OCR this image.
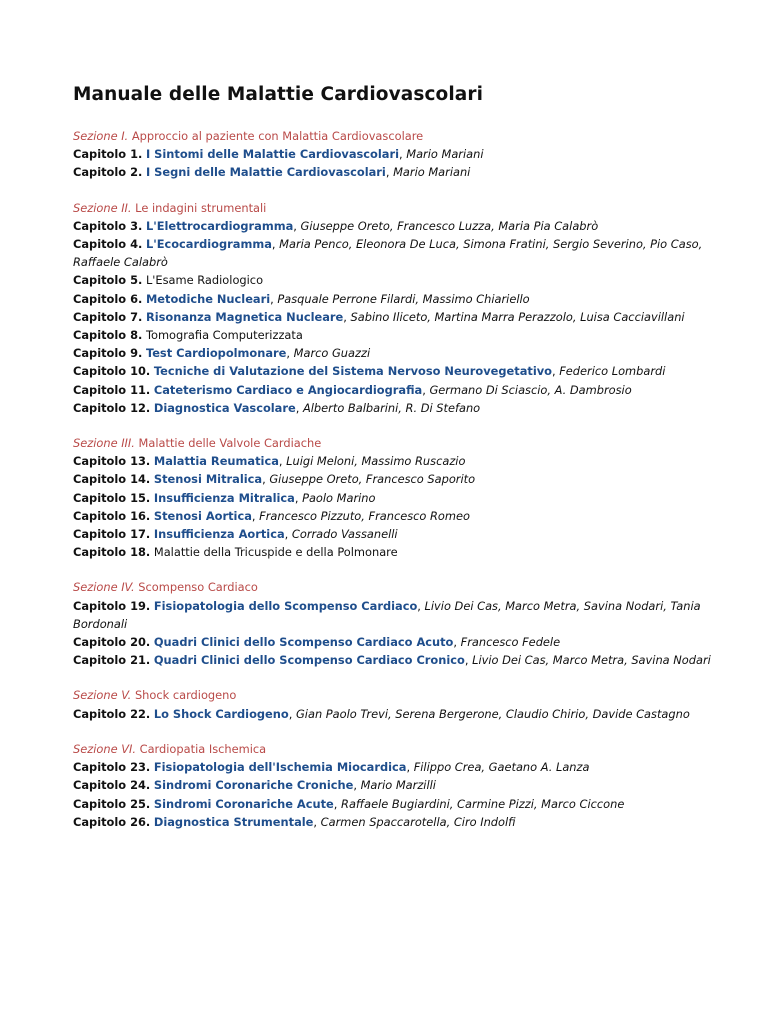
Manuale delle Malattie Cardiovascolari
Sezione I. Approccio al paziente con Malattia Cardiovascolare
Capitolo 1. I Sintomi delle Malattie Cardiovascolari, Mario Mariani
Capitolo 2. I Segni delle Malattie Cardiovascolari, Mario Mariani
Sezione II. Le indagini strumentali
Capitolo 3. L'Elettrocardiogramma, Giuseppe Oreto, Francesco Luzza, Maria Pia Calabrò
Capitolo 4. L'Ecocardiogramma, Maria Penco, Eleonora De Luca, Simona Fratini, Sergio Severino, Pio Caso, Raffaele Calabrò
Capitolo 5. L'Esame Radiologico
Capitolo 6. Metodiche Nucleari, Pasquale Perrone Filardi, Massimo Chiariello
Capitolo 7. Risonanza Magnetica Nucleare, Sabino Iliceto, Martina Marra Perazzolo, Luisa Cacciavillani
Capitolo 8. Tomografia Computerizzata
Capitolo 9. Test Cardiopolmonare, Marco Guazzi
Capitolo 10. Tecniche di Valutazione del Sistema Nervoso Neurovegetativo, Federico Lombardi
Capitolo 11. Cateterismo Cardiaco e Angiocardiografia, Germano Di Sciascio, A. Dambrosio
Capitolo 12. Diagnostica Vascolare, Alberto Balbarini, R. Di Stefano
Sezione III. Malattie delle Valvole Cardiache
Capitolo 13. Malattia Reumatica, Luigi Meloni, Massimo Ruscazio
Capitolo 14. Stenosi Mitralica, Giuseppe Oreto, Francesco Saporito
Capitolo 15. Insufficienza Mitralica, Paolo Marino
Capitolo 16. Stenosi Aortica, Francesco Pizzuto, Francesco Romeo
Capitolo 17. Insufficienza Aortica, Corrado Vassanelli
Capitolo 18. Malattie della Tricuspide e della Polmonare
Sezione IV. Scompenso Cardiaco
Capitolo 19. Fisiopatologia dello Scompenso Cardiaco, Livio Dei Cas, Marco Metra, Savina Nodari, Tania Bordonali
Capitolo 20. Quadri Clinici dello Scompenso Cardiaco Acuto, Francesco Fedele
Capitolo 21. Quadri Clinici dello Scompenso Cardiaco Cronico, Livio Dei Cas, Marco Metra, Savina Nodari
Sezione V. Shock cardiogeno
Capitolo 22. Lo Shock Cardiogeno, Gian Paolo Trevi, Serena Bergerone, Claudio Chirio, Davide Castagno
Sezione VI. Cardiopatia Ischemica
Capitolo 23. Fisiopatologia dell'Ischemia Miocardica, Filippo Crea, Gaetano A. Lanza
Capitolo 24. Sindromi Coronariche Croniche, Mario Marzilli
Capitolo 25. Sindromi Coronariche Acute, Raffaele Bugiardini, Carmine Pizzi, Marco Ciccone
Capitolo 26. Diagnostica Strumentale, Carmen Spaccarotella, Ciro Indolfi
